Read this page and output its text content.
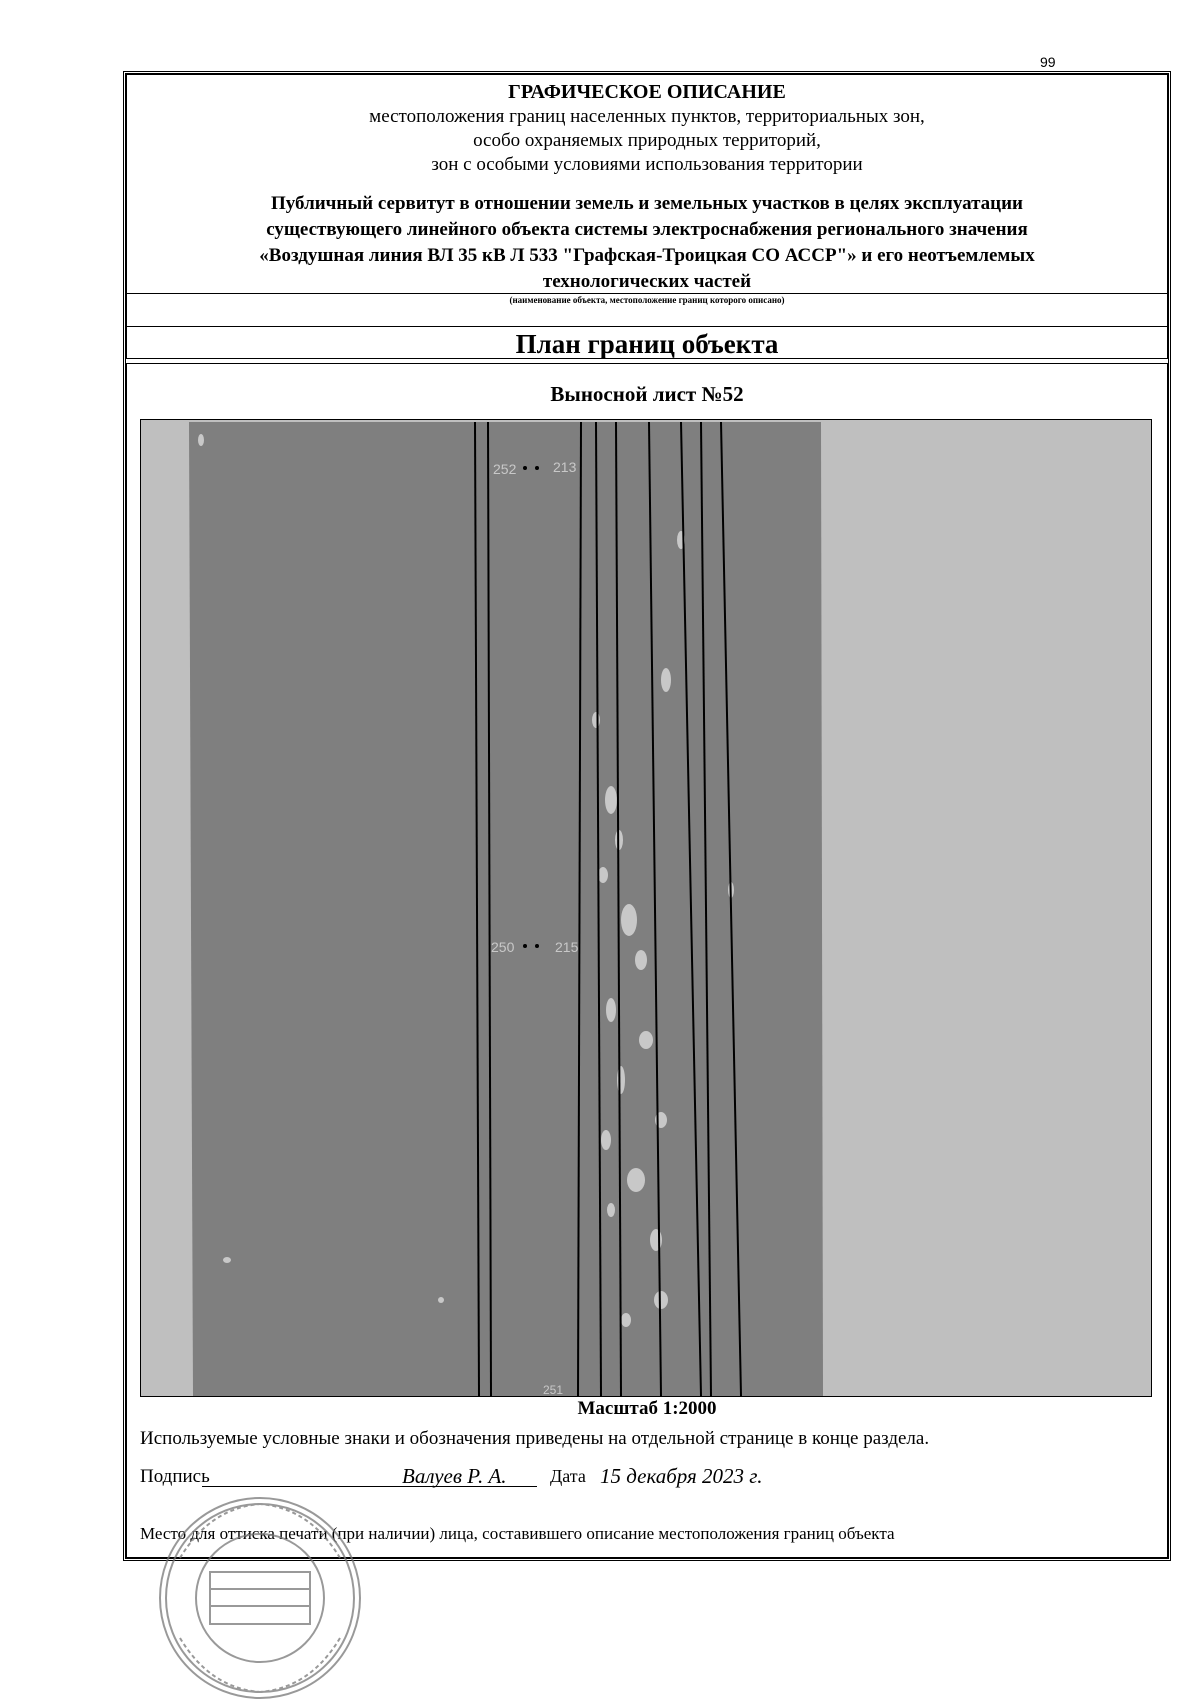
99
ГРАФИЧЕСКОЕ ОПИСАНИЕ
местоположения границ населенных пунктов, территориальных зон,
особо охраняемых природных территорий,
зон с особыми условиями использования территории
Публичный сервитут в отношении земель и земельных участков в целях эксплуатации
существующего линейного объекта системы электроснабжения регионального значения
«Воздушная линия ВЛ 35 кВ Л 533 "Графская-Троицкая СО АССР"» и его неотъемлемых
технологических частей
(наименование объекта, местоположение границ которого описано)
План границ объекта
Выносной лист №52
252	213
250	215
251
Масштаб 1:2000
Используемые условные знаки и обозначения приведены на отдельной странице в конце раздела.
Подпись	Валуев Р. А. Дата 15 декабря 2023 г.
Место для оттиска печати (при наличии) лица, составившего описание местоположения границ объекта
